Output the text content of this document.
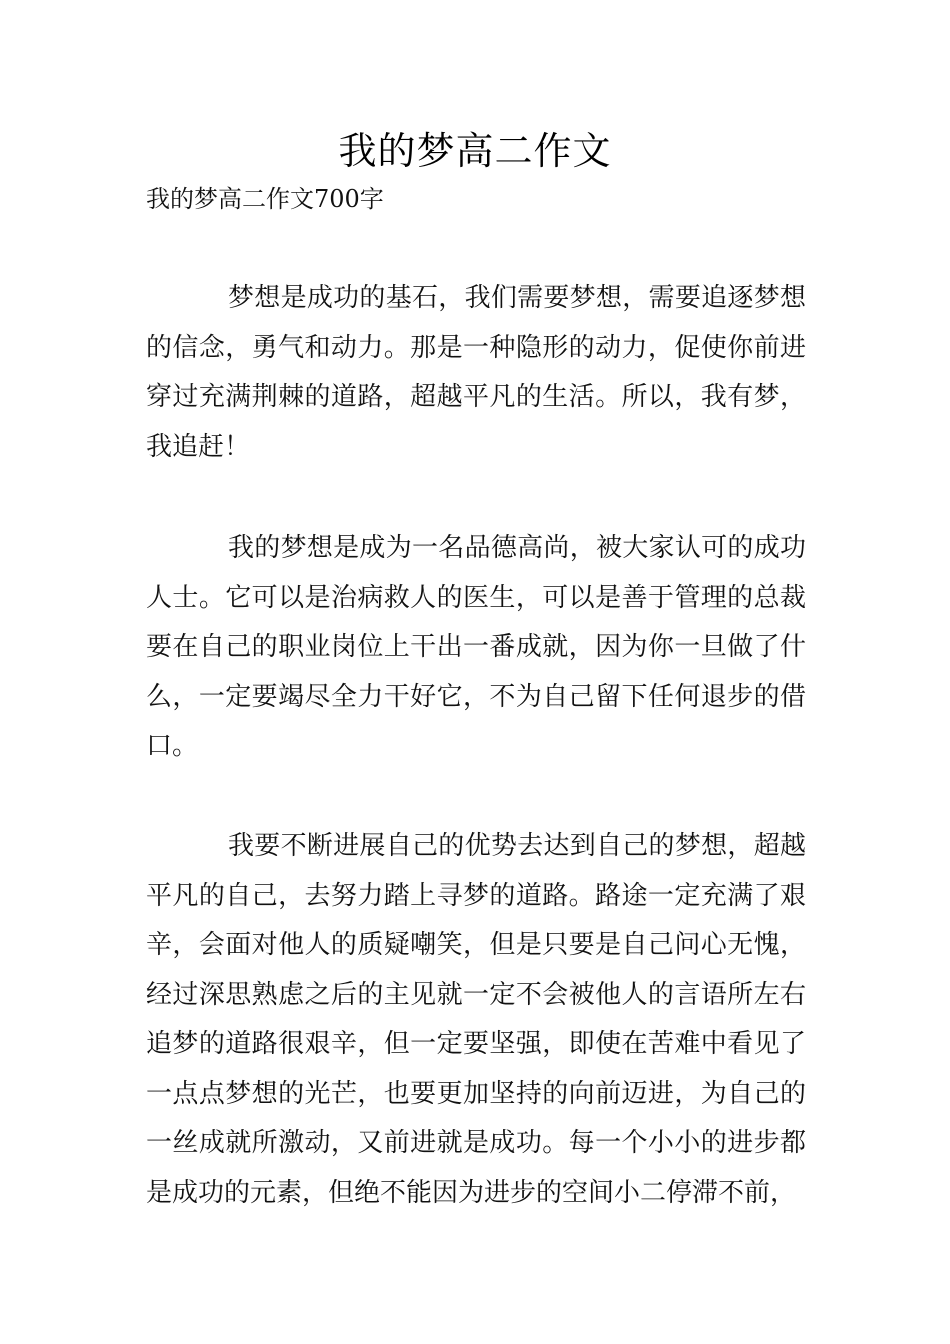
我的梦高二作文
我的梦高二作文700字

梦想是成功的基石，我们需要梦想，需要追逐梦想的信念，勇气和动力。那是一种隐形的动力，促使你前进穿过充满荆棘的道路，超越平凡的生活。所以，我有梦，我追赶！

我的梦想是成为一名品德高尚，被大家认可的成功人士。它可以是治病救人的医生，可以是善于管理的总裁要在自己的职业岗位上干出一番成就，因为你一旦做了什么，一定要竭尽全力干好它，不为自己留下任何退步的借口。

我要不断进展自己的优势去达到自己的梦想，超越平凡的自己，去努力踏上寻梦的道路。路途一定充满了艰辛，会面对他人的质疑嘲笑，但是只要是自己问心无愧，经过深思熟虑之后的主见就一定不会被他人的言语所左右追梦的道路很艰辛，但一定要坚强，即使在苦难中看见了一点点梦想的光芒，也要更加坚持的向前迈进，为自己的一丝成就所激动，又前进就是成功。每一个小小的进步都是成功的元素，但绝不能因为进步的空间小二停滞不前，
